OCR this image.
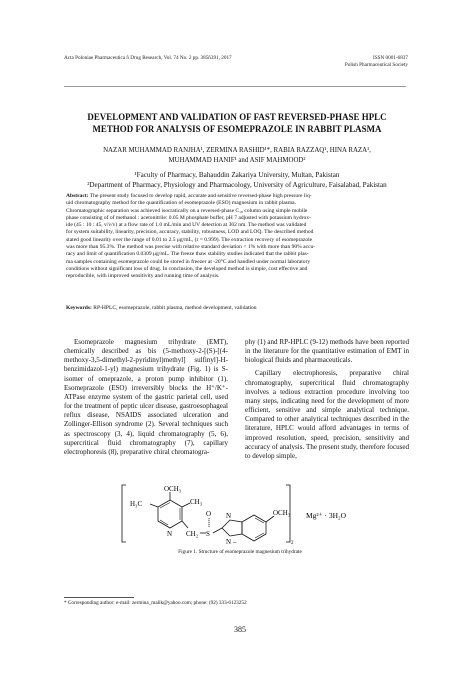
Acta Poloniae Pharmaceutica ñ Drug Research, Vol. 74 No. 2 pp. 385ñ391, 2017	ISSN 0001-6837
Polish Pharmaceutical Society
DEVELOPMENT AND VALIDATION OF FAST REVERSED-PHASE HPLC
METHOD FOR ANALYSIS OF ESOMEPRAZOLE IN RABBIT PLASMA
NAZAR MUHAMMAD RANJHA¹, ZERMINA RASHID¹*, RABIA RAZZAQ¹, HINA RAZA¹,
MUHAMMAD HANIF¹ and ASIF MAHMOOD²
¹Faculty of Pharmacy, Bahauddin Zakariya University, Multan, Pakistan
²Department of Pharmacy, Physiology and Pharmacology, University of Agriculture, Faisalabad, Pakistan
Abstract: The present study focused to develop rapid, accurate and sensitive reversed-phase high pressure liq-
uid chromatography method for the quantification of esomeprazole (ESO) magnesium in rabbit plasma.
Chromatographic separation was achieved isocratically on a reversed-phase C₁₈ column using simple mobile
phase consisting of of methanol : acetonitrile: 0.05 M phosphate buffer, pH 7 adjusted with potassium hydrox-
ide (45 : 10 : 45, v/v/v) at a flow rate of 1.0 mL/min and UV detection at 302 nm. The method was validated
for system suitability, linearity, precision, accuracy, stability, robustness, LOD and LOQ. The described method
stated good linearity over the range of 0.01 to 2.5 μg/mL, (r = 0.999). The extraction recovery of esomeprazole
was more than 95.3%. The method was precise with relative standard deviation < 1% with more than 90% accu-
racy and limit of quantification 0.0309 μg/mL. The freeze thaw stability studies indicated that the rabbit plas-
ma samples containing esomeprazole could be stored in freezer at -20°C and handled under normal laboratory
conditions without significant loss of drug. In conclusion, the developed method is simple, cost effective and
reproducible, with improved sensitivity and running time of analysis.
Keywords: RP-HPLC, esomeprazole, rabbit plasma, method development, validation

Esomeprazole magnesium trihydrate (EMT), chemically described as bis (5-methoxy-2-[(S)-[(4-methoxy-3,5-dimethyl-2-pyridinyl)methyl] sulfinyl]-H-benzimidazol-1-yl) magnesium trihydrate (Fig. 1) is S-isomer of omeprazole, a proton pump inhibitor (1). Esomeprazole (ESO) irreversibly blocks the H⁺/K⁺-ATPase enzyme system of the gastric parietal cell, used for the treatment of peptic ulcer disease, gastroesophageal reflux disease, NSAIDS associated ulceration and Zollinger-Ellison syndrome (2). Several techniques such as spectroscopy (3, 4), liquid chromatography (5, 6), supercritical fluid chromatography (7), capillary electrophoresis (8), preparative chiral chromatogra-

phy (1) and RP-HPLC (9-12) methods have been reported in the literature for the quantitative estimation of EMT in biological fluids and pharmaceuticals.

Capillary electrophoresis, preparative chiral chromatography, supercritical fluid chromatography involves a tedious extraction procedure involving too many steps, indicating need for the development of more efficient, sensitive and simple analytical technique. Compared to other analytical techniques described in the literature, HPLC would afford advantages in terms of improved resolution, speed, precision, sensitivity and accuracy of analysis. The present study, therefore focused to develop simple,

2
OCH₃
H₃C	CH₃
N CH₂ S
O N
N –
OCH₃ Mg²⁺ · 3H₂O
Figure 1. Structure of esomeprazole magnesium trihydrate
* Corresponding author: e-mail: zermina_malik@yahoo.com; phone: (92) 333-6123252
385
